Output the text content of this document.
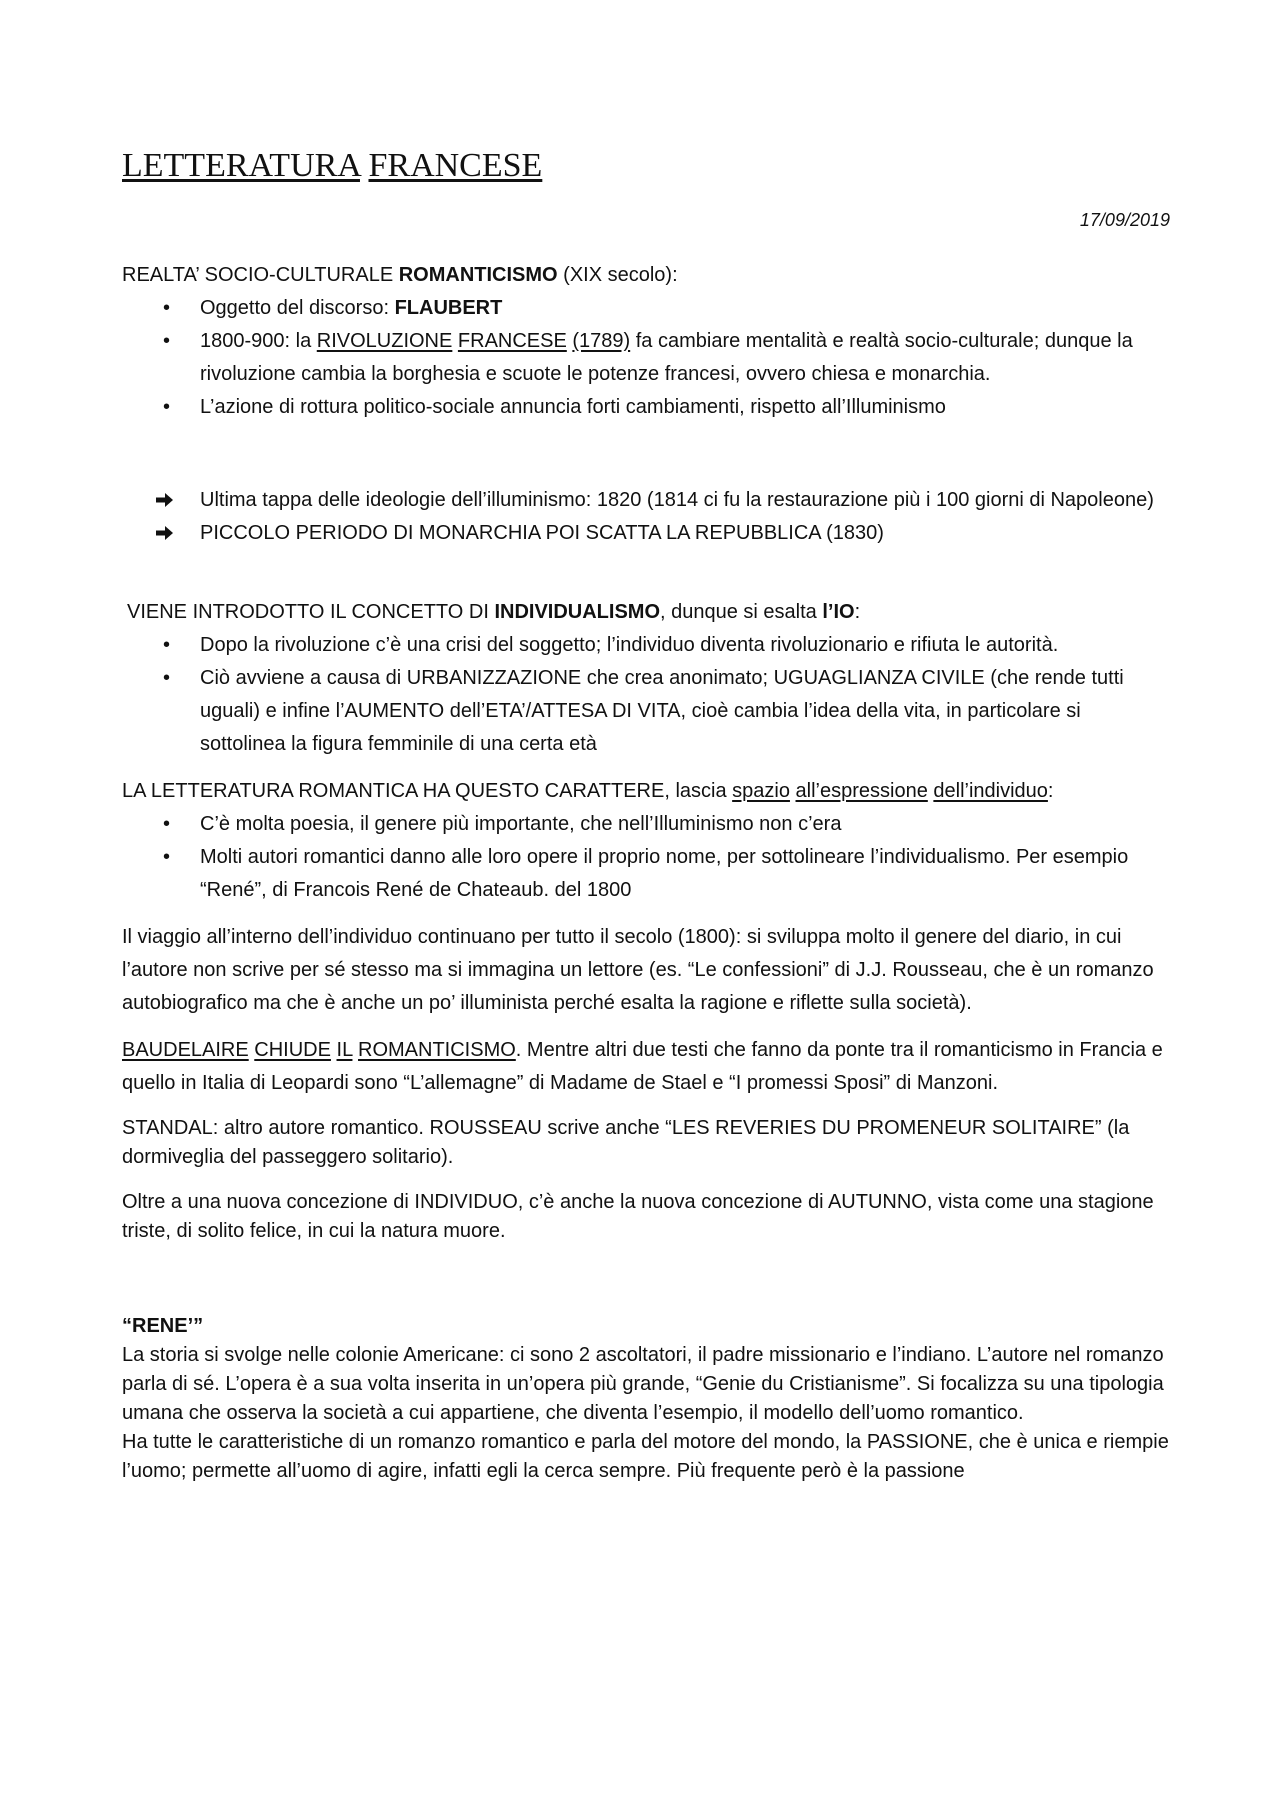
LETTERATURA FRANCESE

17/09/2019

REALTA’ SOCIO-CULTURALE ROMANTICISMO (XIX secolo):

• Oggetto del discorso: FLAUBERT
• 1800-900: la RIVOLUZIONE FRANCESE (1789) fa cambiare mentalità e realtà socio-culturale; dunque la rivoluzione cambia la borghesia e scuote le potenze francesi, ovvero chiesa e monarchia.
• L’azione di rottura politico-sociale annuncia forti cambiamenti, rispetto all’Illuminismo
Ultima tappa delle ideologie dell’illuminismo: 1820 (1814 ci fu la restaurazione più i 100 giorni di Napoleone)
PICCOLO PERIODO DI MONARCHIA POI SCATTA LA REPUBBLICA (1830)

VIENE INTRODOTTO IL CONCETTO DI INDIVIDUALISMO, dunque si esalta l’IO:

• Dopo la rivoluzione c’è una crisi del soggetto; l’individuo diventa rivoluzionario e rifiuta le autorità.
• Ciò avviene a causa di URBANIZZAZIONE che crea anonimato; UGUAGLIANZA CIVILE (che rende tutti uguali) e infine l’AUMENTO dell’ETA’/ATTESA DI VITA, cioè cambia l’idea della vita, in particolare si sottolinea la figura femminile di una certa età

LA LETTERATURA ROMANTICA HA QUESTO CARATTERE, lascia spazio all’espressione dell’individuo:

• C’è molta poesia, il genere più importante, che nell’Illuminismo non c’era
• Molti autori romantici danno alle loro opere il proprio nome, per sottolineare l’individualismo. Per esempio “René”, di Francois René de Chateaub. del 1800

Il viaggio all’interno dell’individuo continuano per tutto il secolo (1800): si sviluppa molto il genere del diario, in cui l’autore non scrive per sé stesso ma si immagina un lettore (es. “Le confessioni” di J.J. Rousseau, che è un romanzo autobiografico ma che è anche un po’ illuminista perché esalta la ragione e riflette sulla società).

BAUDELAIRE CHIUDE IL ROMANTICISMO. Mentre altri due testi che fanno da ponte tra il romanticismo in Francia e quello in Italia di Leopardi sono “L’allemagne” di Madame de Stael e “I promessi Sposi” di Manzoni.

STANDAL: altro autore romantico. ROUSSEAU scrive anche “LES REVERIES DU PROMENEUR SOLITAIRE” (la dormiveglia del passeggero solitario).

Oltre a una nuova concezione di INDIVIDUO, c’è anche la nuova concezione di AUTUNNO, vista come una stagione triste, di solito felice, in cui la natura muore.

“RENE’”

La storia si svolge nelle colonie Americane: ci sono 2 ascoltatori, il padre missionario e l’indiano. L’autore nel romanzo parla di sé. L’opera è a sua volta inserita in un’opera più grande, “Genie du Cristianisme”. Si focalizza su una tipologia umana che osserva la società a cui appartiene, che diventa l’esempio, il modello dell’uomo romantico.

Ha tutte le caratteristiche di un romanzo romantico e parla del motore del mondo, la PASSIONE, che è unica e riempie l’uomo; permette all’uomo di agire, infatti egli la cerca sempre. Più frequente però è la passione
